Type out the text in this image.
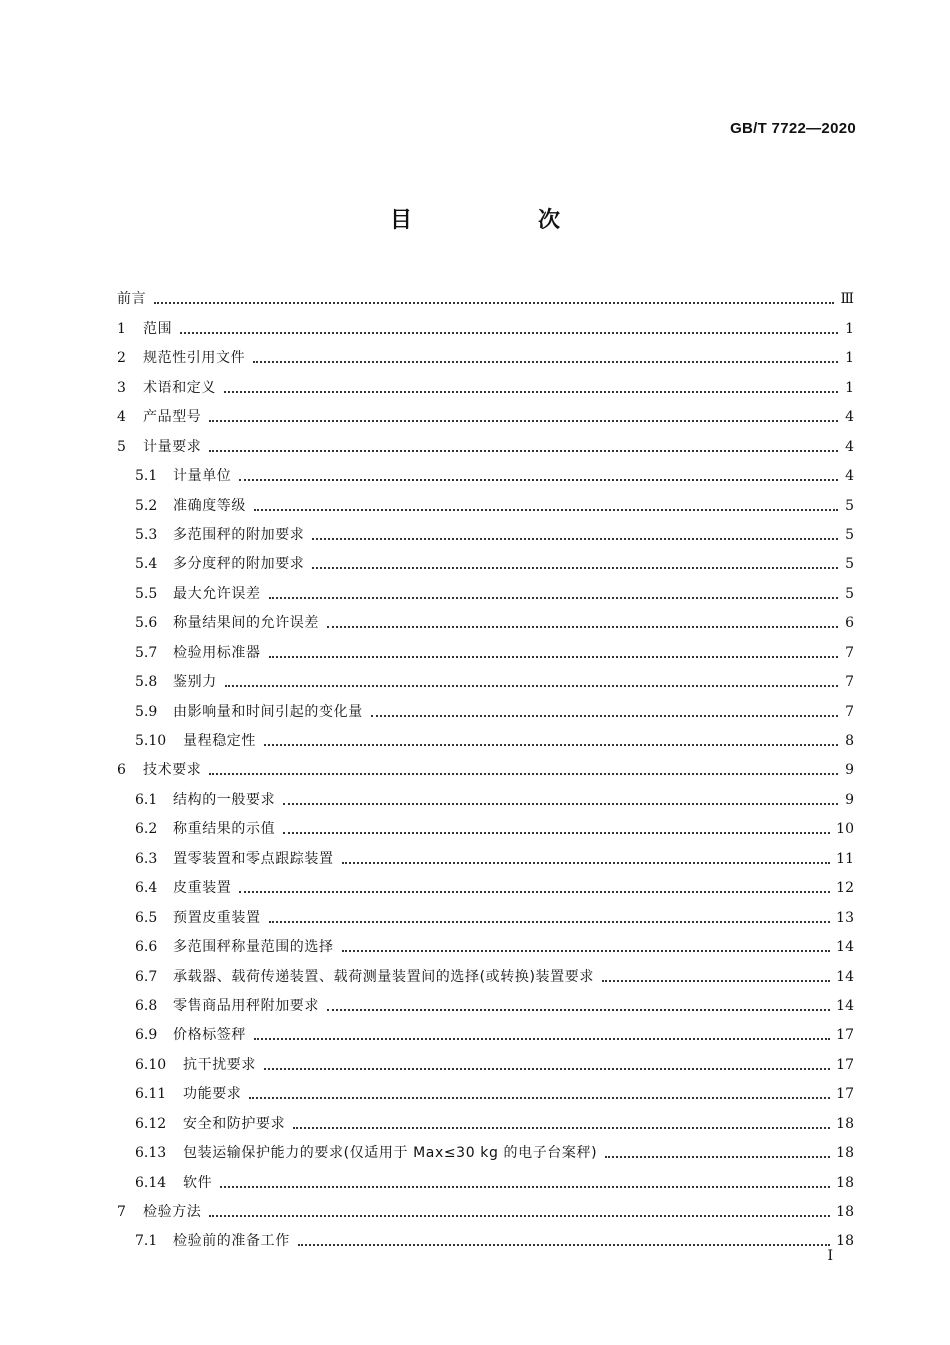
GB/T 7722—2020
目　次
前言	Ⅲ
1	范围	1
2	规范性引用文件	1
3	术语和定义	1
4	产品型号	4
5	计量要求	4
5.1	计量单位	4
5.2	准确度等级	5
5.3	多范围秤的附加要求	5
5.4	多分度秤的附加要求	5
5.5	最大允许误差	5
5.6	称量结果间的允许误差	6
5.7	检验用标准器	7
5.8	鉴别力	7
5.9	由影响量和时间引起的变化量	7
5.10	量程稳定性	8
6	技术要求	9
6.1	结构的一般要求	9
6.2	称重结果的示值	10
6.3	置零装置和零点跟踪装置	11
6.4	皮重装置	12
6.5	预置皮重装置	13
6.6	多范围秤称量范围的选择	14
6.7	承载器、载荷传递装置、载荷测量装置间的选择(或转换)装置要求	14
6.8	零售商品用秤附加要求	14
6.9	价格标签秤	17
6.10	抗干扰要求	17
6.11	功能要求	17
6.12	安全和防护要求	18
6.13	包装运输保护能力的要求(仅适用于 Max≤30 kg 的电子台案秤)	18
6.14	软件	18
7	检验方法	18
7.1	检验前的准备工作	18
Ⅰ
